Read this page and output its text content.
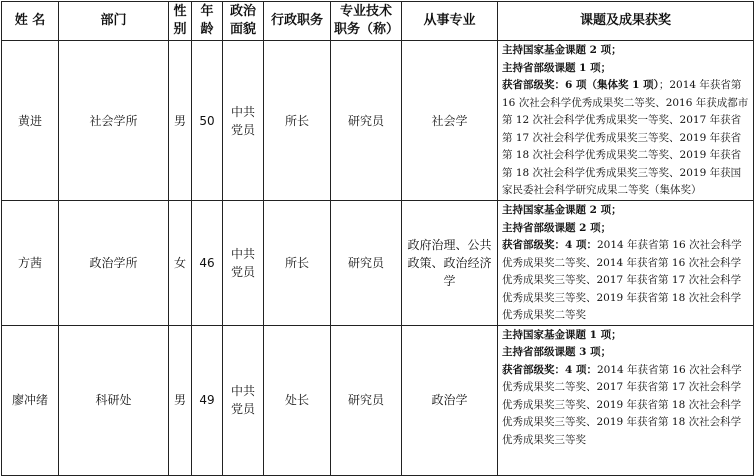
姓 名	部门	性别	年龄	政治面貌	行政职务	专业技术职务（称）	从事专业	课题及成果获奖
黄进	社会学所	男	50	中共党员	所长	研究员	社会学	主持国家基金课题 2 项；
主持省部级课题 1 项；
获省部级奖：6 项（集体奖 1 项）；2014 年获省第 16 次社会科学优秀成果奖二等奖、2016 年获成都市第 12 次社会科学优秀成果奖一等奖、2017 年获省第 17 次社会科学优秀成果奖三等奖、2019 年获省第 18 次社会科学优秀成果奖二等奖、2019 年获省第 18 次社会科学优秀成果奖三等奖、2019 年获国家民委社会科学研究成果二等奖（集体奖）
方茜	政治学所	女	46	中共党员	所长	研究员	政府治理、公共政策、政治经济学	主持国家基金课题 2 项；
主持省部级课题 2 项；
获省部级奖：4 项：2014 年获省第 16 次社会科学优秀成果奖二等奖、2014 年获省第 16 次社会科学优秀成果奖三等奖、2017 年获省第 17 次社会科学优秀成果奖三等奖、2019 年获省第 18 次社会科学优秀成果奖二等奖
廖冲绪	科研处	男	49	中共党员	处长	研究员	政治学	主持国家基金课题 1 项；
主持省部级课题 3 项；
获省部级奖：4 项：2014 年获省第 16 次社会科学优秀成果奖二等奖、2017 年获省第 17 次社会科学优秀成果奖三等奖、2019 年获省第 18 次社会科学优秀成果奖三等奖、2019 年获省第 18 次社会科学优秀成果奖三等奖
